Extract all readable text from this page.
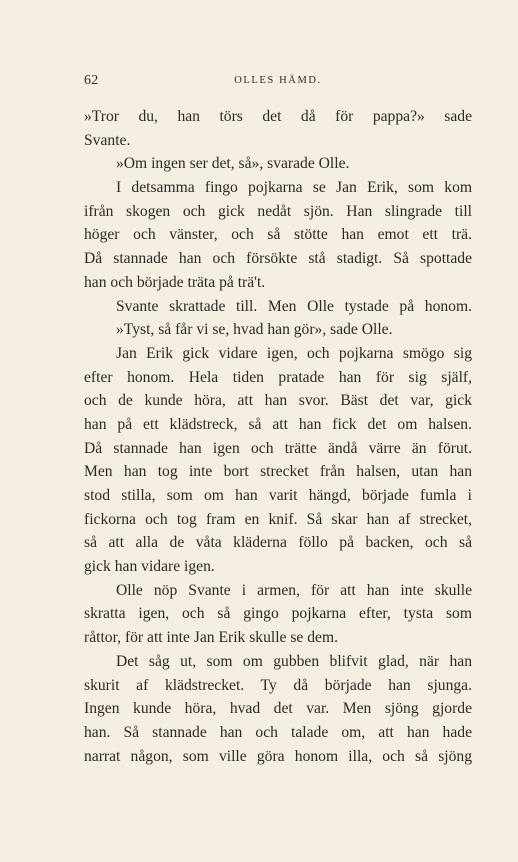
62	OLLES HÄMD.
»Tror du, han törs det då för pappa?» sade
Svante.
»Om ingen ser det, så», svarade Olle.
I detsamma fingo pojkarna se Jan Erik, som kom
ifrån skogen och gick nedåt sjön. Han slingrade till
höger och vänster, och så stötte han emot ett trä.
Då stannade han och försökte stå stadigt. Så spottade
han och började träta på trä't.
Svante skrattade till. Men Olle tystade på honom.
»Tyst, så får vi se, hvad han gör», sade Olle.
Jan Erik gick vidare igen, och pojkarna smögo sig
efter honom. Hela tiden pratade han för sig själf,
och de kunde höra, att han svor. Bäst det var, gick
han på ett klädstreck, så att han fick det om halsen.
Då stannade han igen och trätte ändå värre än förut.
Men han tog inte bort strecket från halsen, utan han
stod stilla, som om han varit hängd, började fumla i
fickorna och tog fram en knif. Så skar han af strecket,
så att alla de våta kläderna föllo på backen, och så
gick han vidare igen.
Olle nöp Svante i armen, för att han inte skulle
skratta igen, och så gingo pojkarna efter, tysta som
råttor, för att inte Jan Erik skulle se dem.
Det såg ut, som om gubben blifvit glad, när han
skurit af klädstrecket. Ty då började han sjunga.
Ingen kunde höra, hvad det var. Men sjöng gjorde
han. Så stannade han och talade om, att han hade
narrat någon, som ville göra honom illa, och så sjöng
